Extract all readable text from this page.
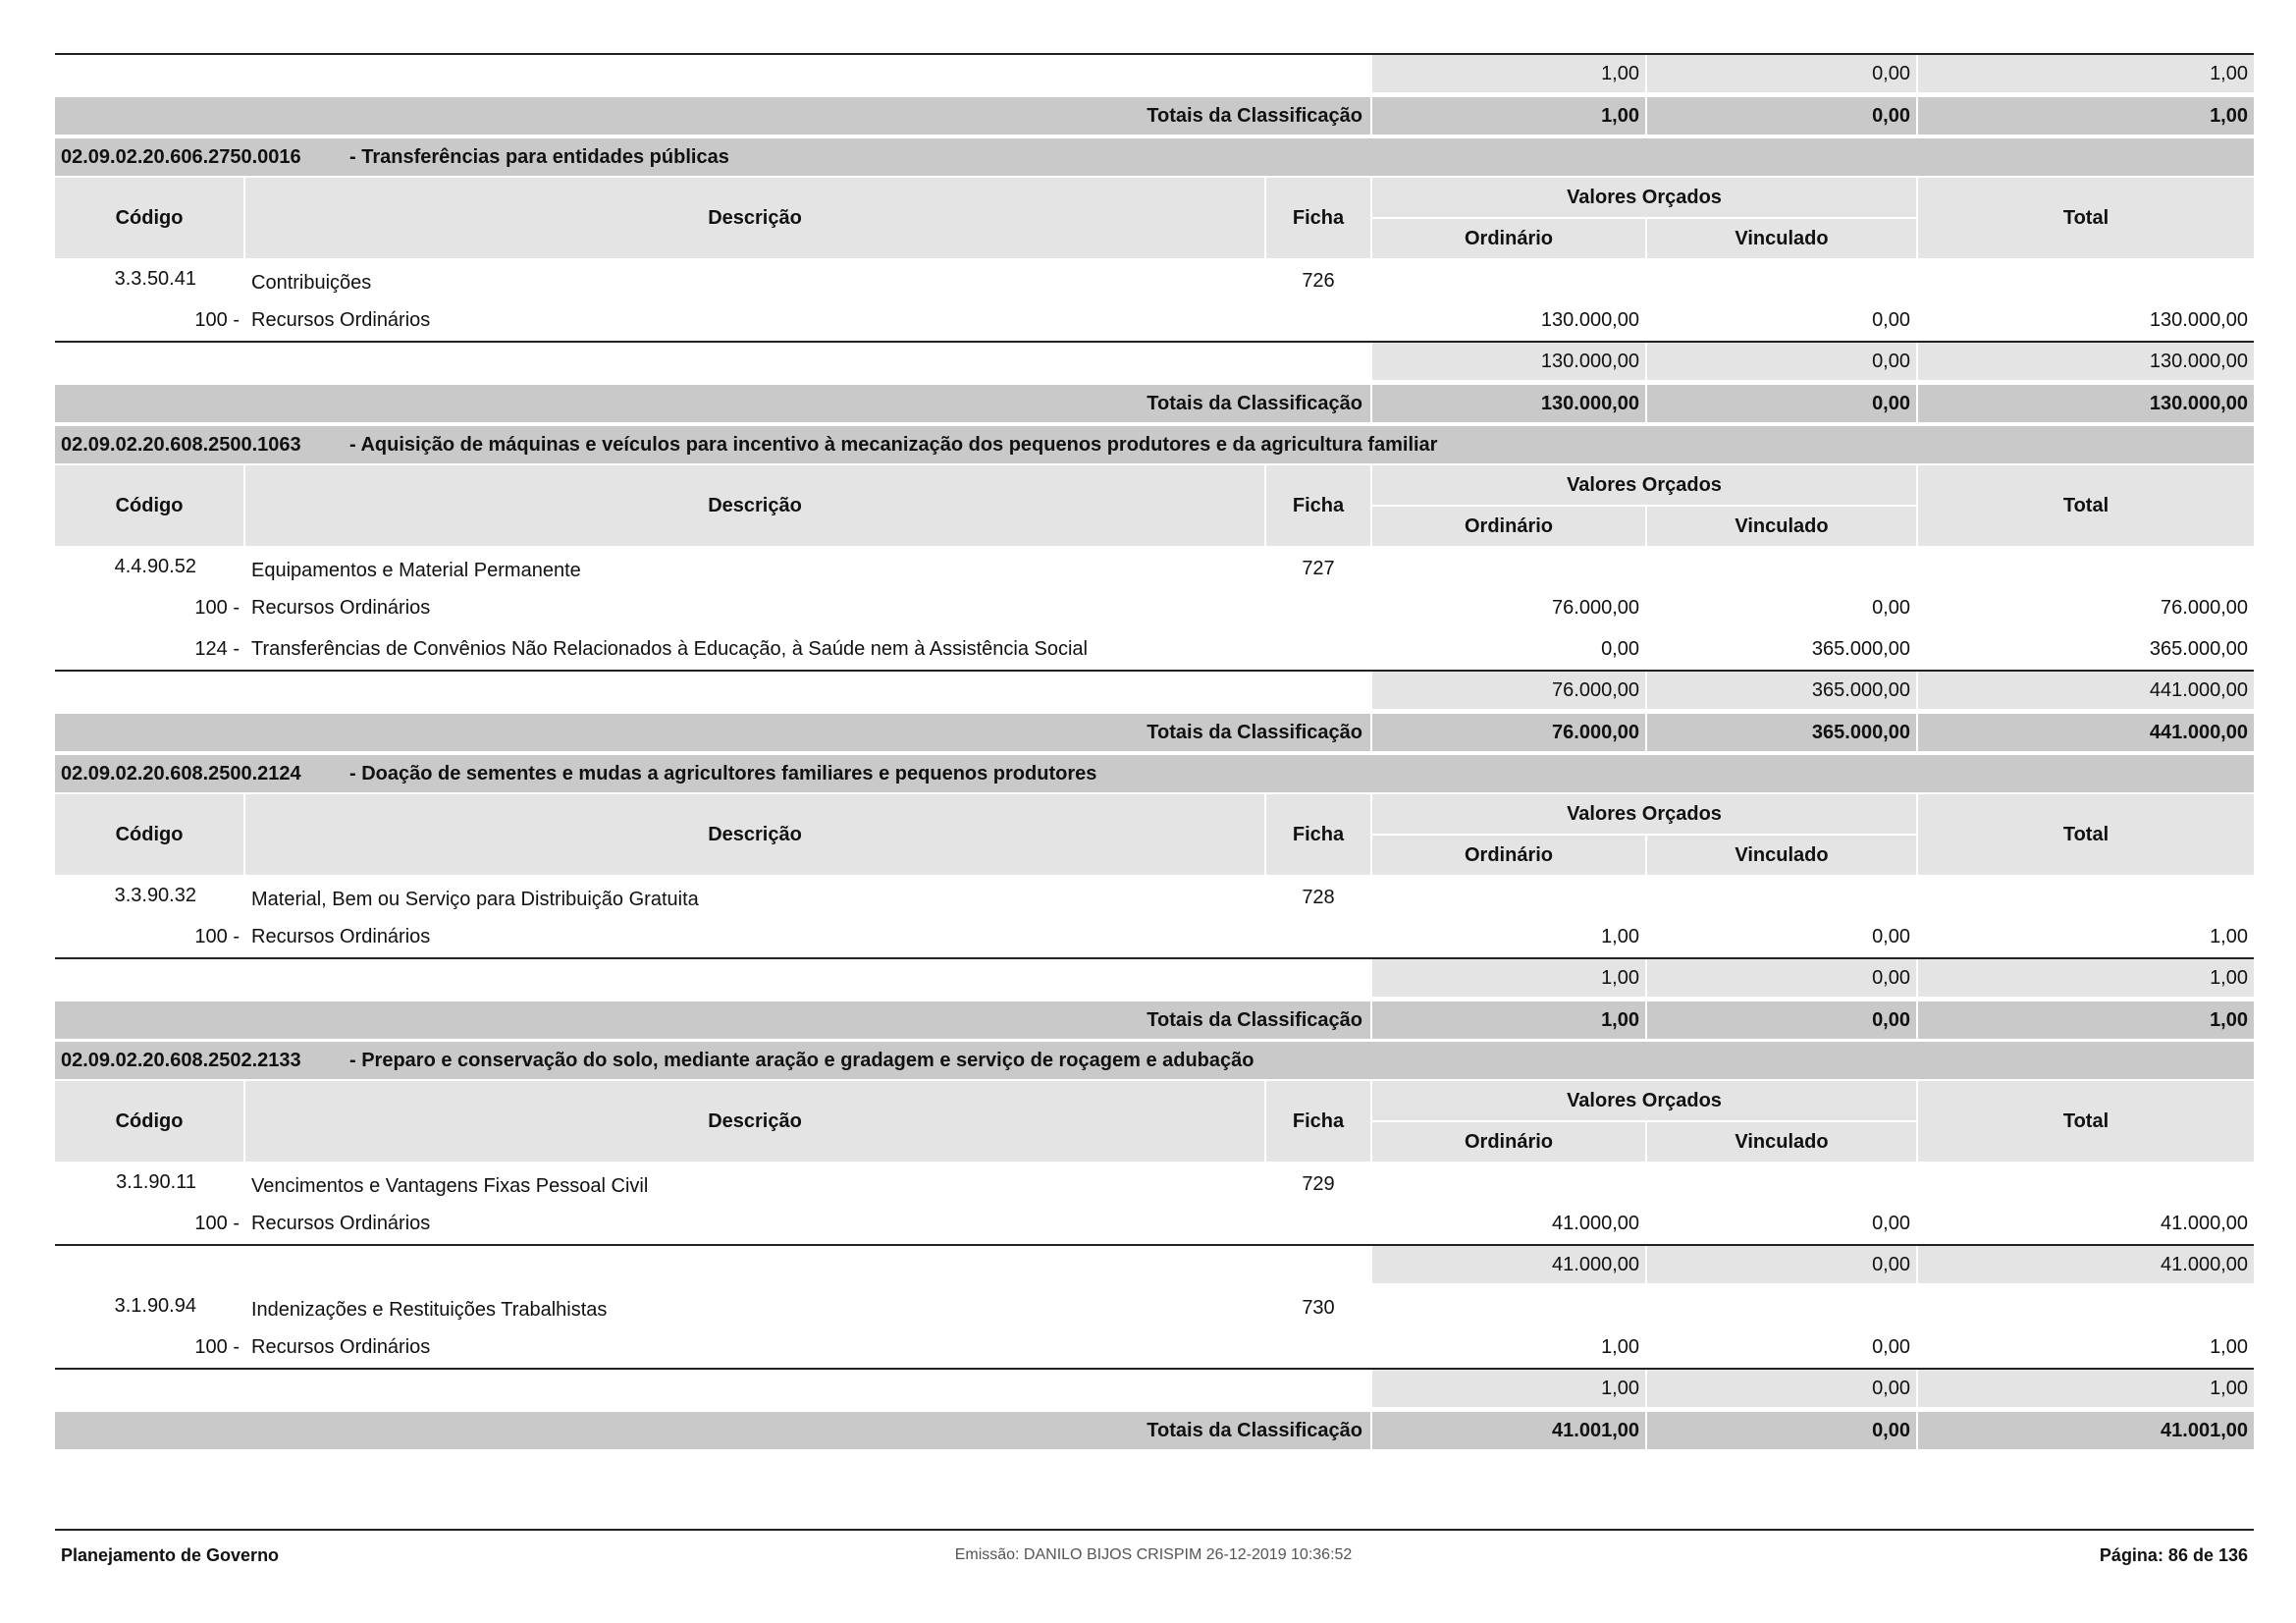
1,00	0,00	1,00
Totais da Classificação	1,00	0,00	1,00
02.09.02.20.606.2750.0016	- Transferências para entidades públicas
Código	Descrição	Ficha
Valores Orçados
Ordinário	Vinculado
Total
3.3.50.41	Contribuições	726
100 - Recursos Ordinários	130.000,00	0,00	130.000,00
130.000,00	0,00	130.000,00
Totais da Classificação	130.000,00	0,00	130.000,00
02.09.02.20.608.2500.1063	- Aquisição de máquinas e veículos para incentivo à mecanização dos pequenos produtores e da agricultura familiar
Código	Descrição	Ficha
Valores Orçados
Ordinário	Vinculado
Total
4.4.90.52	Equipamentos e Material Permanente	727
100 - Recursos Ordinários	76.000,00	0,00	76.000,00
124 - Transferências de Convênios Não Relacionados à Educação, à Saúde nem à Assistência Social	0,00	365.000,00	365.000,00
76.000,00	365.000,00	441.000,00
Totais da Classificação	76.000,00	365.000,00	441.000,00
02.09.02.20.608.2500.2124	- Doação de sementes e mudas a agricultores familiares e pequenos produtores
Código	Descrição	Ficha
Valores Orçados
Ordinário	Vinculado
Total
3.3.90.32	Material, Bem ou Serviço para Distribuição Gratuita	728
100 - Recursos Ordinários	1,00	0,00	1,00
1,00	0,00	1,00
Totais da Classificação	1,00	0,00	1,00
02.09.02.20.608.2502.2133	- Preparo e conservação do solo, mediante aração e gradagem e serviço de roçagem e adubação
Código	Descrição	Ficha
Valores Orçados
Ordinário	Vinculado
Total
3.1.90.11	Vencimentos e Vantagens Fixas Pessoal Civil	729
100 - Recursos Ordinários	41.000,00	0,00	41.000,00
41.000,00	0,00	41.000,00
3.1.90.94	Indenizações e Restituições Trabalhistas	730
100 - Recursos Ordinários	1,00	0,00	1,00
1,00	0,00	1,00
Totais da Classificação	41.001,00	0,00	41.001,00
Planejamento de Governo	Emissão: DANILO BIJOS CRISPIM 26-12-2019 10:36:52	Página: 86 de 136
